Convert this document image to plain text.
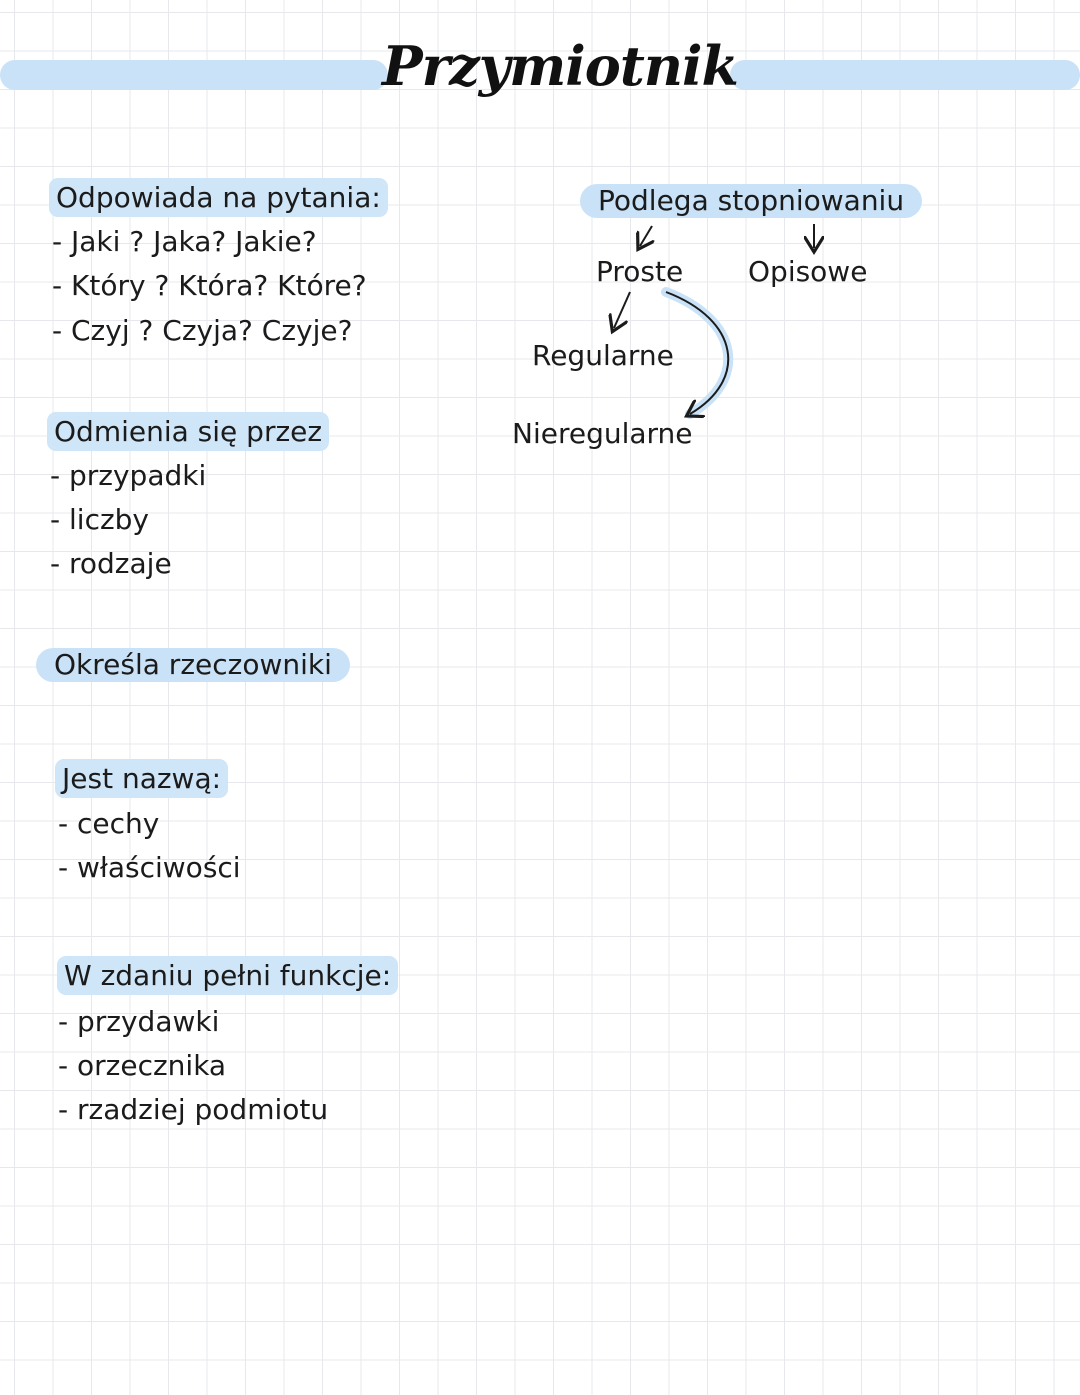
Przymiotnik
Odpowiada na pytania:
- Jaki ? Jaka? Jakie?
- Który ? Która? Które?
- Czyj ? Czyja? Czyje?
Odmienia się przez
- przypadki
- liczby
- rodzaje
Określa rzeczowniki
Jest nazwą:
- cechy
- właściwości
W zdaniu pełni funkcje:
- przydawki
- orzecznika
- rzadziej podmiotu
Podlega stopniowaniu
Proste Opisowe
Regularne
Nieregularne
